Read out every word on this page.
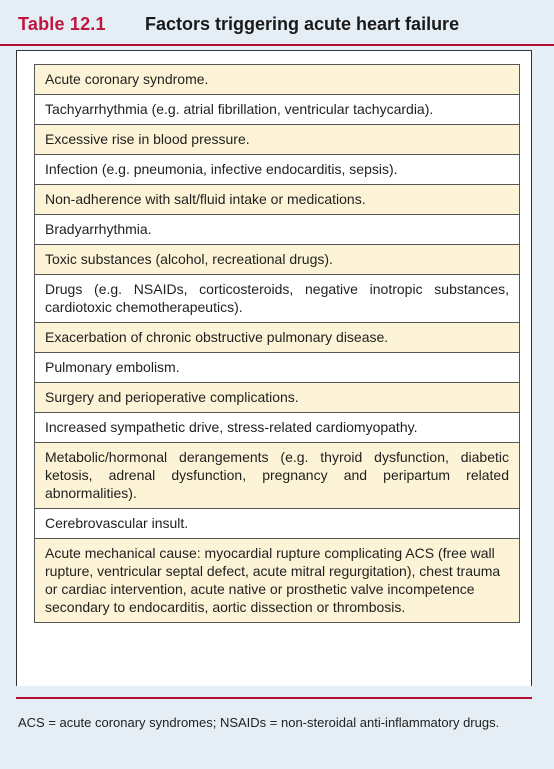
Table 12.1 Factors triggering acute heart failure
Acute coronary syndrome.
Tachyarrhythmia (e.g. atrial fibrillation, ventricular tachycardia).
Excessive rise in blood pressure.
Infection (e.g. pneumonia, infective endocarditis, sepsis).
Non-adherence with salt/fluid intake or medications.
Bradyarrhythmia.
Toxic substances (alcohol, recreational drugs).
Drugs (e.g. NSAIDs, corticosteroids, negative inotropic substances, cardiotoxic chemotherapeutics).
Exacerbation of chronic obstructive pulmonary disease.
Pulmonary embolism.
Surgery and perioperative complications.
Increased sympathetic drive, stress-related cardiomyopathy.
Metabolic/hormonal derangements (e.g. thyroid dysfunction, diabetic ketosis, adrenal dysfunction, pregnancy and peripartum related abnormalities).
Cerebrovascular insult.
Acute mechanical cause: myocardial rupture complicating ACS (free wall rupture, ventricular septal defect, acute mitral regurgitation), chest trauma or cardiac intervention, acute native or prosthetic valve incompetence secondary to endocarditis, aortic dissection or thrombosis.
ACS = acute coronary syndromes; NSAIDs = non-steroidal anti-inflammatory drugs.
